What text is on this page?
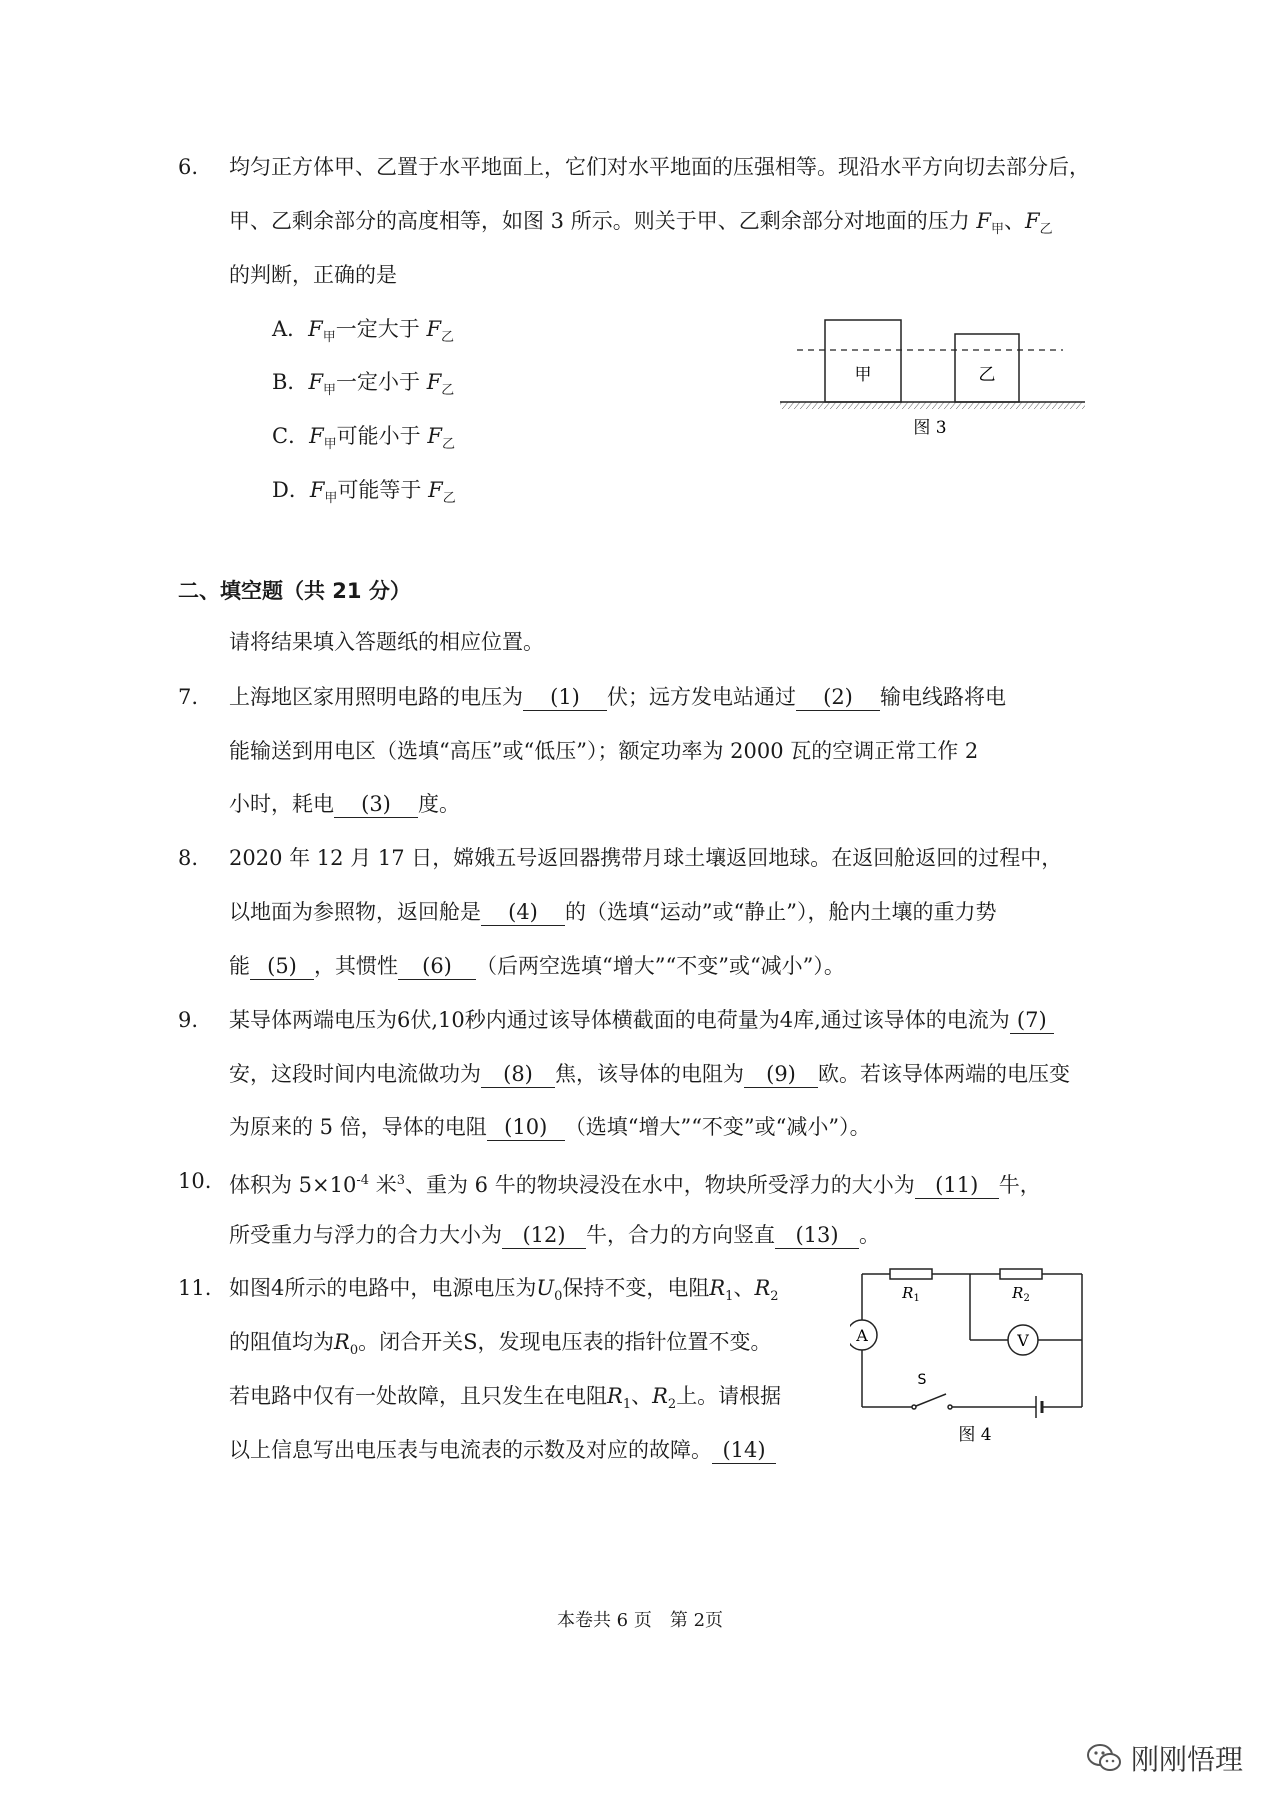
6. 均匀正方体甲、乙置于水平地面上，它们对水平地面的压强相等。现沿水平方向切去部分后，
甲、乙剩余部分的高度相等，如图 3 所示。则关于甲、乙剩余部分对地面的压力 $F_甲$、$F_乙$
的判断，正确的是
A．$F_甲$一定大于 $F_乙$
B．$F_甲$一定小于 $F_乙$
C．$F_甲$可能小于 $F_乙$
D．$F_甲$可能等于 $F_乙$
甲	乙
图 3
二、填空题（共 21 分）
请将结果填入答题纸的相应位置。
7. 上海地区家用照明电路的电压为 (1) 伏；远方发电站通过 (2) 输电线路将电
能输送到用电区（选填“高压”或“低压”）；额定功率为 2000 瓦的空调正常工作 2
小时，耗电 (3) 度。
8. 2020 年 12 月 17 日，嫦娥五号返回器携带月球土壤返回地球。在返回舱返回的过程中，
以地面为参照物，返回舱是 (4) 的（选填“运动”或“静止”），舱内土壤的重力势
能 (5) ，其惯性 (6) （后两空选填“增大”“不变”或“减小”）。
9. 某导体两端电压为6伏,10秒内通过该导体横截面的电荷量为4库,通过该导体的电流为 (7)
安，这段时间内电流做功为 (8) 焦，该导体的电阻为 (9) 欧。若该导体两端的电压变
为原来的 5 倍，导体的电阻 (10) （选填“增大”“不变”或“减小”）。
10. 体积为 $5\times 10^{-4}$ 米$^3$、重为 6 牛的物块浸没在水中，物块所受浮力的大小为 (11) 牛，
所受重力与浮力的合力大小为 (12) 牛，合力的方向竖直 (13) 。
11. 如图4所示的电路中，电源电压为$U_0$保持不变，电阻$R_1$、$R_2$
的阻值均为$R_0$。闭合开关S，发现电压表的指针位置不变。
若电路中仅有一处故障，且只发生在电阻$R_1$、$R_2$上。请根据
以上信息写出电压表与电流表的示数及对应的故障。 (14)
$R_1$	$R_2$
A	V
S
图 4
本卷共 6 页　第 2页
刚刚悟理
